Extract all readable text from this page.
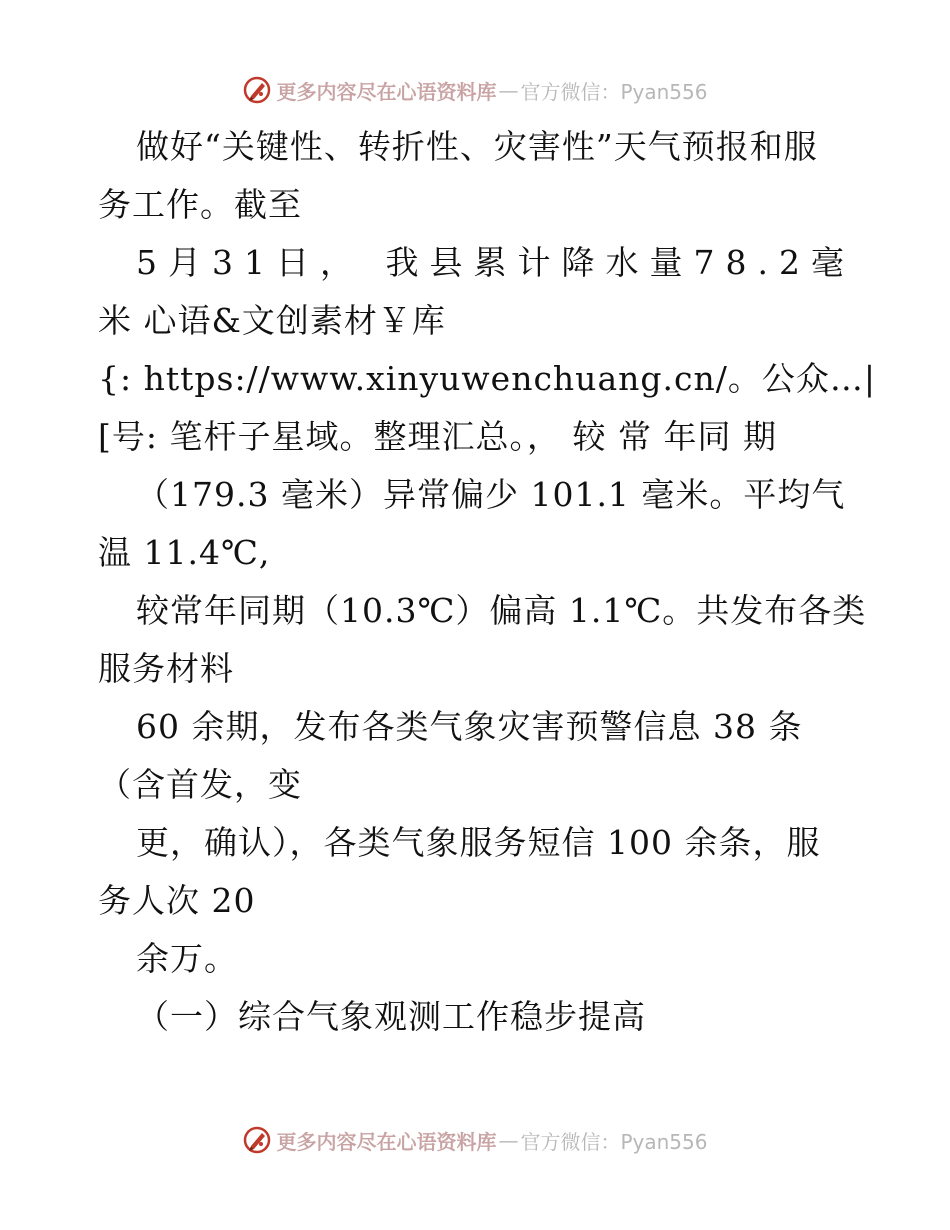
更多内容尽在心语资料库 — 官方微信：Pyan556
做好“关键性、转折性、灾害性”天气预报和服
务工作。截至
5月31日， 我县累计降水量78.2毫
米 心语&文创素材￥库
{: https://www.xinyuwenchuang.cn/。公众…|
[号: 笔杆子星域。整理汇总。， 较 常 年同 期
（179.3 毫米）异常偏少 101.1 毫米。平均气
温 11.4℃,
较常年同期（10.3℃）偏高 1.1℃。共发布各类
服务材料
60 余期，发布各类气象灾害预警信息 38 条
（含首发，变
更，确认），各类气象服务短信 100 余条，服
务人次 20
余万。
（一）综合气象观测工作稳步提高
更多内容尽在心语资料库 — 官方微信：Pyan556
